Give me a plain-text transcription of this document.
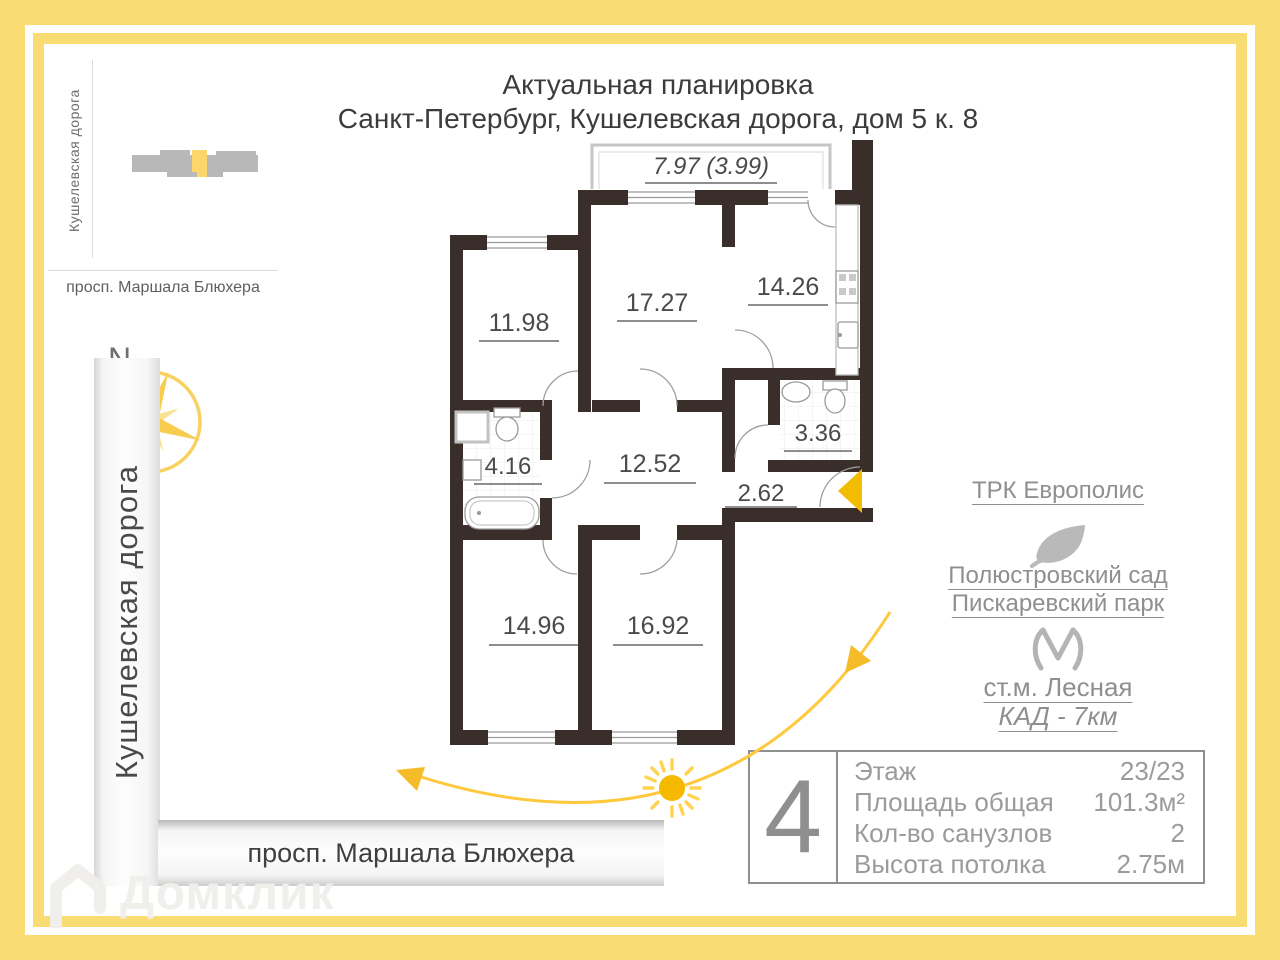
Актуальная планировка
Санкт-Петербург, Кушелевская дорога, дом 5 к. 8
Кушелевская дорога
просп. Маршала Блюхера
Кушелевская дорога
просп. Маршала Блюхера
ТРК Европолис
Полюстровский сад
Пискаревский парк
ст.м. Лесная
КАД - 7км
4	Этаж	23/23
Площадь общая 101.3м²
Кол-во санузлов	2
Высота потолка	2.75м
7.97 (3.99)
11.98
17.27
14.26
4.16
3.36
12.52
2.62
14.96 16.92
Домклик
